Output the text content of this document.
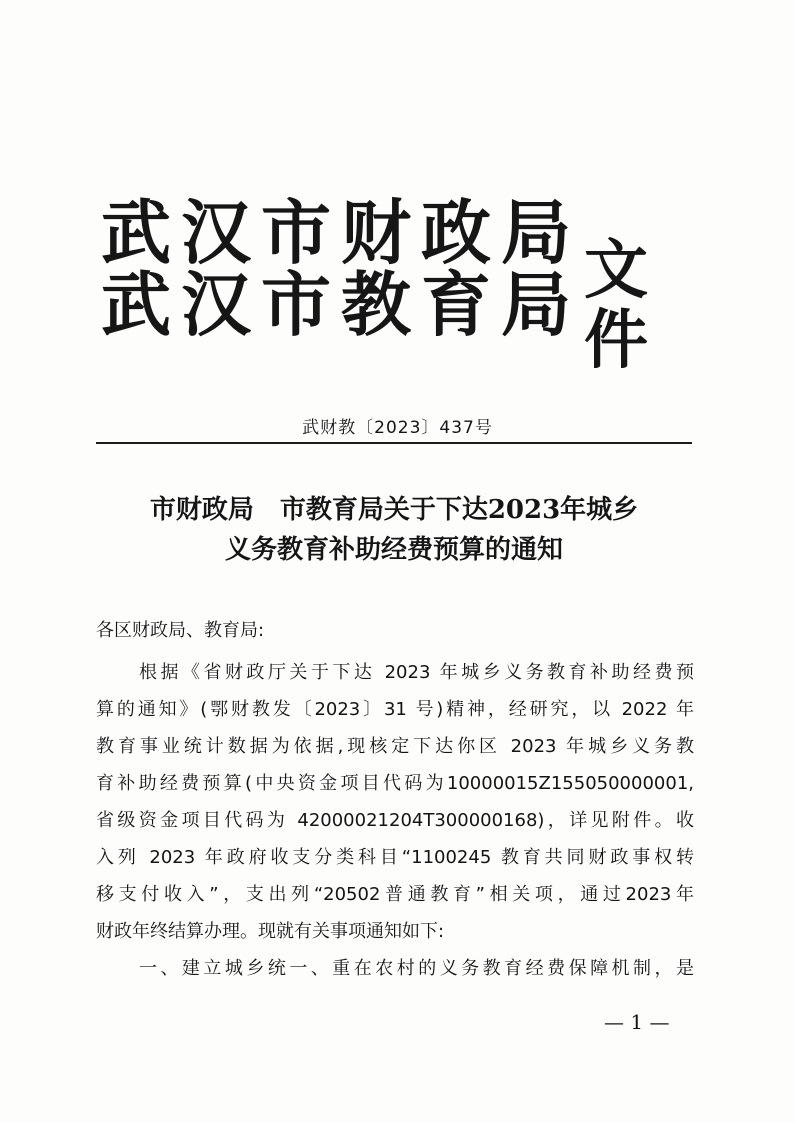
武 汉 市 财 政 局
武 汉 市 教 育 局 文件
武财教〔2023〕437号
市财政局　市教育局关于下达2023年城乡
义务教育补助经费预算的通知
各区财政局、教育局:
　　根据《省财政厅关于下达 2023 年城乡义务教育补助经费预
算的通知》(鄂财教发〔2023〕31 号)精神，经研究，以 2022 年
教育事业统计数据为依据,现核定下达你区 2023 年城乡义务教
育补助经费预算(中央资金项目代码为10000015Z155050000001,
省级资金项目代码为 42000021204T300000168)，详见附件。收
入列 2023 年政府收支分类科目“1100245 教育共同财政事权转
移支付收入”，支出列“20502普通教育”相关项，通过2023年
财政年终结算办理。现就有关事项通知如下:
　　一、建立城乡统一、重在农村的义务教育经费保障机制，是
— 1 —
